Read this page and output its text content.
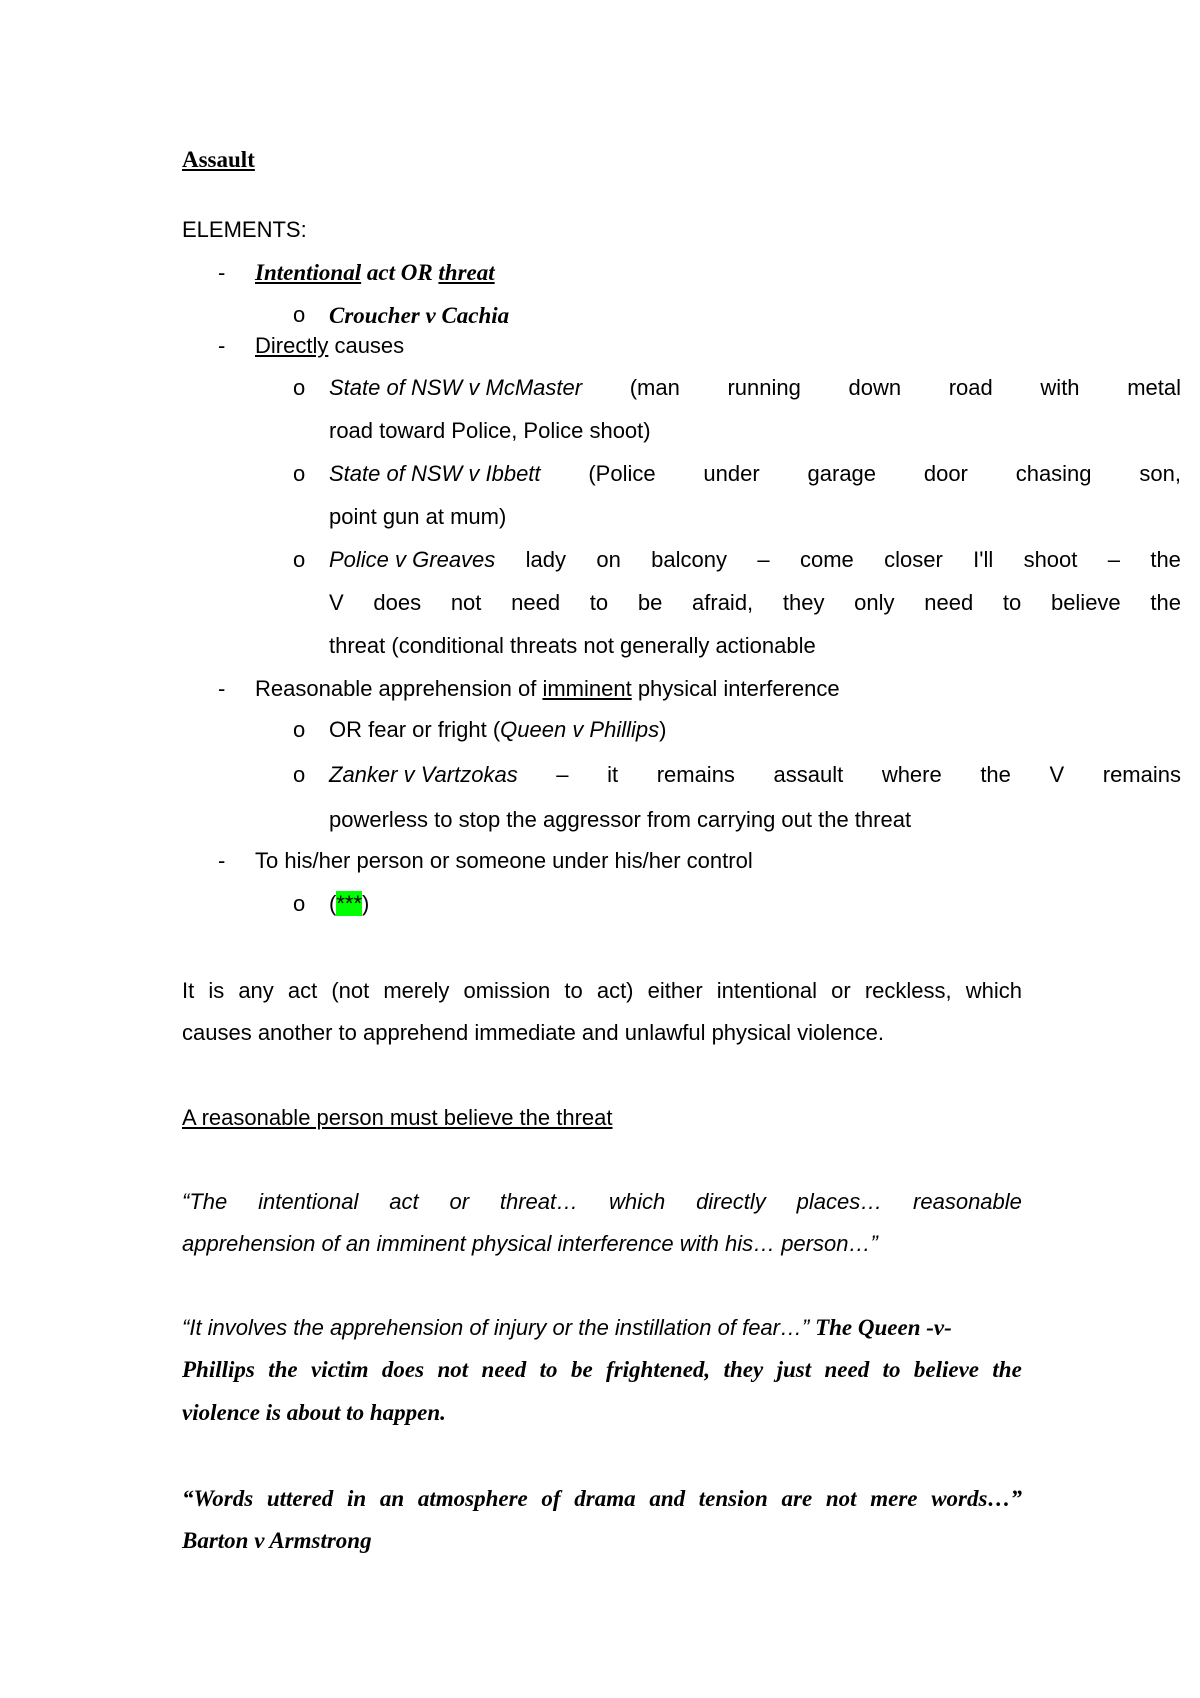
Assault
ELEMENTS:
- Intentional act OR threat
o Croucher v Cachia
- Directly causes
o State of NSW v McMaster (man running down road with metal
road toward Police, Police shoot)
o State of NSW v Ibbett (Police under garage door chasing son,
point gun at mum)
o Police v Greaves lady on balcony – come closer I'll shoot – the
V does not need to be afraid, they only need to believe the
threat (conditional threats not generally actionable
- Reasonable apprehension of imminent physical interference
o OR fear or fright (Queen v Phillips)
o Zanker v Vartzokas – it remains assault where the V remains
powerless to stop the aggressor from carrying out the threat
- To his/her person or someone under his/her control
o (***)
It is any act (not merely omission to act) either intentional or reckless, which
causes another to apprehend immediate and unlawful physical violence.
A reasonable person must believe the threat
“The intentional act or threat… which directly places… reasonable
apprehension of an imminent physical interference with his… person…”
“It involves the apprehension of injury or the instillation of fear…” The Queen -v-
Phillips the victim does not need to be frightened, they just need to believe the
violence is about to happen.
“Words uttered in an atmosphere of drama and tension are not mere words…”
Barton v Armstrong
